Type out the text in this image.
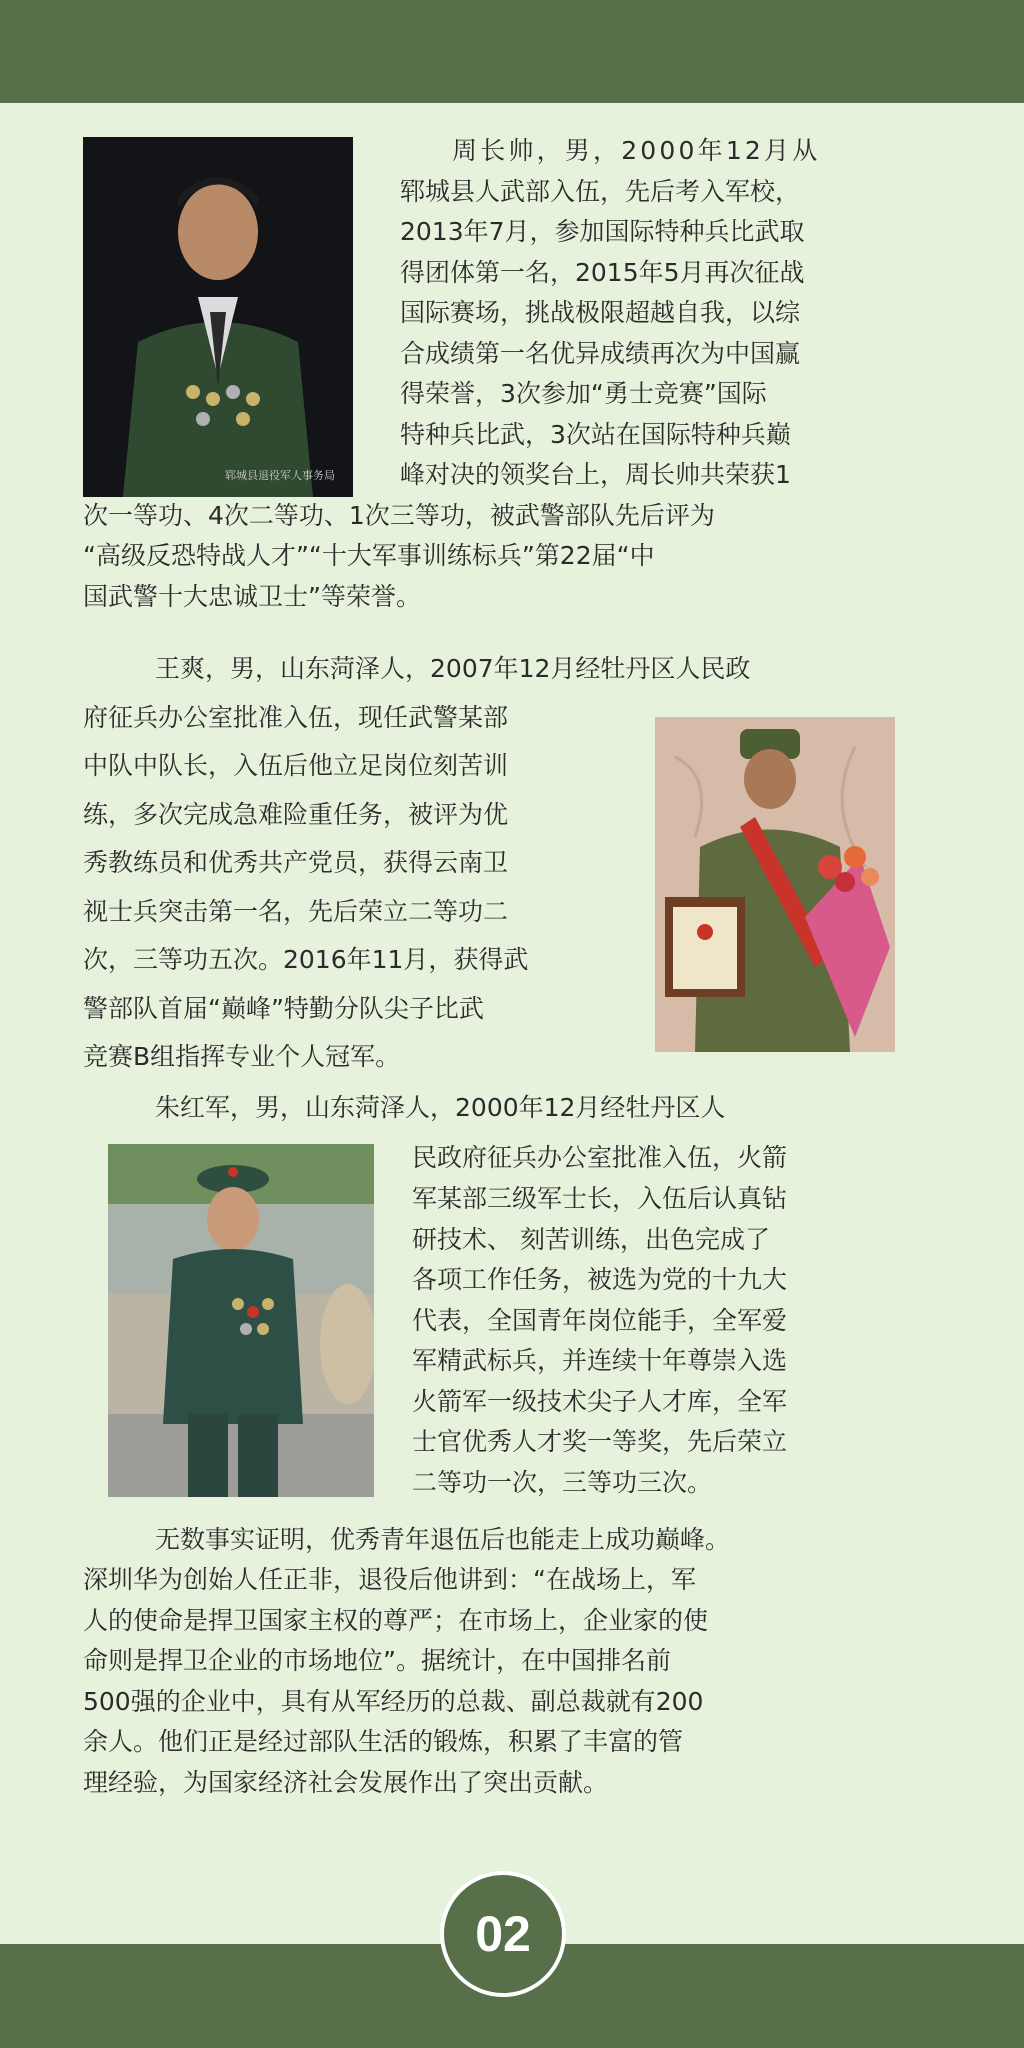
郓城县退役军人事务局
周长帅，男，2000年12月从
郓城县人武部入伍，先后考入军校，
2013年7月，参加国际特种兵比武取
得团体第一名，2015年5月再次征战
国际赛场，挑战极限超越自我，以综
合成绩第一名优异成绩再次为中国赢
得荣誉，3次参加“勇士竞赛”国际
特种兵比武，3次站在国际特种兵巅
峰对决的领奖台上，周长帅共荣获1
次一等功、4次二等功、1次三等功，被武警部队先后评为
“高级反恐特战人才”“十大军事训练标兵”第22届“中
国武警十大忠诚卫士”等荣誉。
王爽，男，山东菏泽人，2007年12月经牡丹区人民政
府征兵办公室批准入伍，现任武警某部
中队中队长，入伍后他立足岗位刻苦训
练，多次完成急难险重任务，被评为优
秀教练员和优秀共产党员，获得云南卫
视士兵突击第一名，先后荣立二等功二
次，三等功五次。2016年11月，获得武
警部队首届“巅峰”特勤分队尖子比武
竞赛B组指挥专业个人冠军。
朱红军，男，山东菏泽人，2000年12月经牡丹区人
民政府征兵办公室批准入伍，火箭
军某部三级军士长，入伍后认真钻
研技术、 刻苦训练，出色完成了
各项工作任务，被选为党的十九大
代表，全国青年岗位能手，全军爱
军精武标兵，并连续十年尊崇入选
火箭军一级技术尖子人才库，全军
士官优秀人才奖一等奖，先后荣立
二等功一次，三等功三次。
无数事实证明，优秀青年退伍后也能走上成功巅峰。
深圳华为创始人任正非，退役后他讲到：“在战场上，军
人的使命是捍卫国家主权的尊严；在市场上，企业家的使
命则是捍卫企业的市场地位”。据统计，在中国排名前
500强的企业中，具有从军经历的总裁、副总裁就有200
余人。他们正是经过部队生活的锻炼，积累了丰富的管
理经验，为国家经济社会发展作出了突出贡献。
02
